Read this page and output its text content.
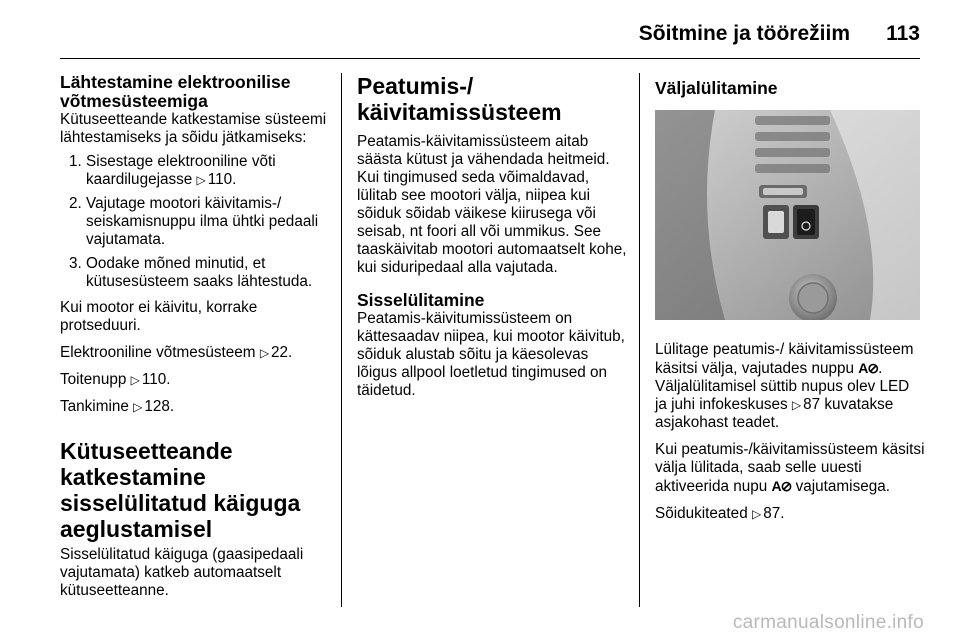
Sõitmine ja töörežiim 113
Lähtestamine elektroonilise võtmesüsteemiga

Kütuseetteande katkestamise süsteemi lähtestamiseks ja sõidu jätkamiseks:

1. Sisestage elektrooniline võti kaardilugejasse ▷ 110.
2. Vajutage mootori käivitamis-/ seiskamisnuppu ilma ühtki pedaali vajutamata.
3. Oodake mõned minutid, et kütusesüsteem saaks lähtestuda.

Kui mootor ei käivitu, korrake protseduuri.

Elektrooniline võtmesüsteem ▷ 22.

Toitenupp ▷ 110.

Tankimine ▷ 128.

Kütuseetteande katkestamine sisselülitatud käiguga aeglustamisel

Sisselülitatud käiguga (gaasipedaali vajutamata) katkeb automaatselt kütuseetteanne.

Peatumis-/ käivitamissüsteem

Peatamis-käivitamissüsteem aitab säästa kütust ja vähendada heitmeid. Kui tingimused seda võimaldavad, lülitab see mootori välja, niipea kui sõiduk sõidab väikese kiirusega või seisab, nt foori all või ummikus. See taaskäivitab mootori automaatselt kohe, kui siduripedaal alla vajutada.

Sisselülitamine

Peatamis-käivitumissüsteem on kättesaadav niipea, kui mootor käivitub, sõiduk alustab sõitu ja käesolevas lõigus allpool loetletud tingimused on täidetud.

Väljalülitamine

Lülitage peatumis-/ käivitamissüsteem käsitsi välja, vajutades nuppu A⊘. Väljalülitamisel süttib nupus olev LED ja juhi infokeskuses ▷ 87 kuvatakse asjakohast teadet.

Kui peatumis-/käivitamissüsteem käsitsi välja lülitada, saab selle uuesti aktiveerida nupu A⊘ vajutamisega.

Sõidukiteated ▷ 87.

carmanualsonline.info
